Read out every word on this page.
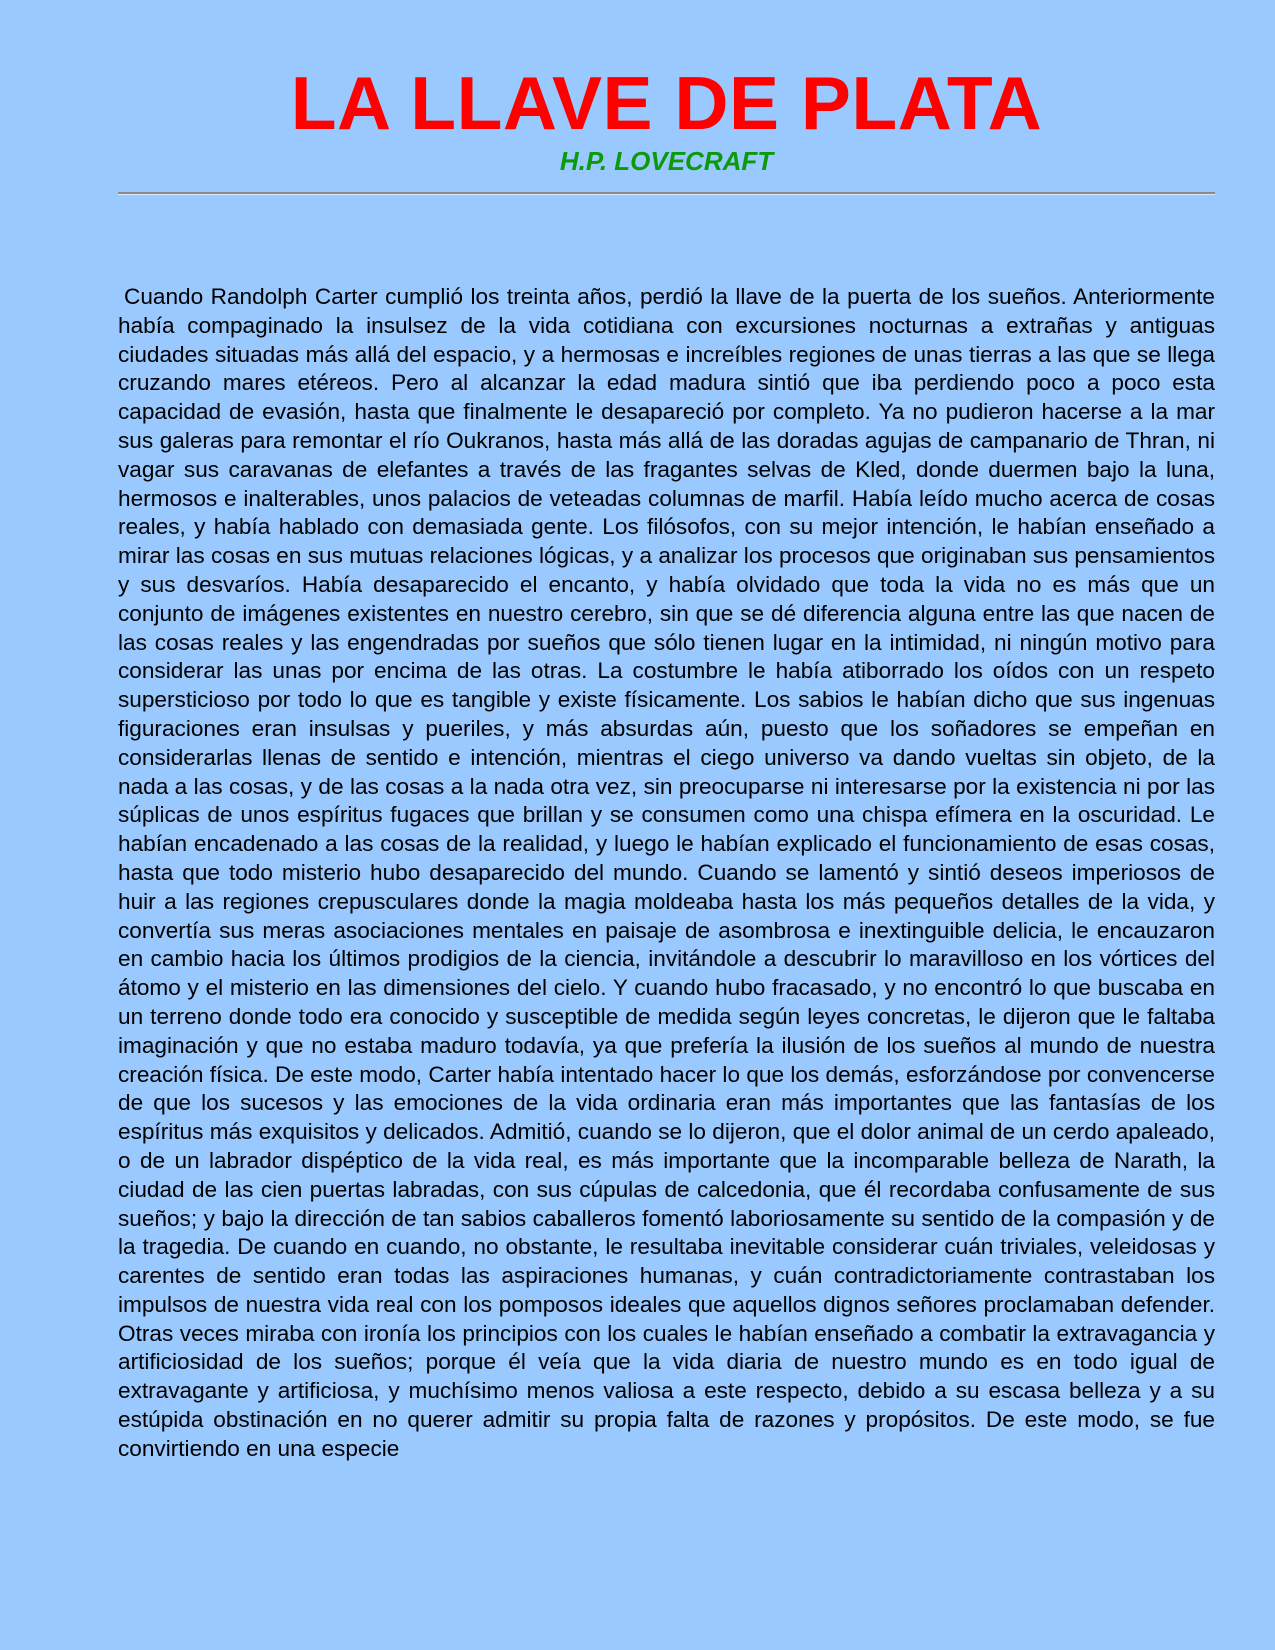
LA LLAVE DE PLATA
H.P. LOVECRAFT

Cuando Randolph Carter cumplió los treinta años, perdió la llave de la puerta de los sueños. Anteriormente había compaginado la insulsez de la vida cotidiana con excursiones nocturnas a extrañas y antiguas ciudades situadas más allá del espacio, y a hermosas e increíbles regiones de unas tierras a las que se llega cruzando mares etéreos. Pero al alcanzar la edad madura sintió que iba perdiendo poco a poco esta capacidad de evasión, hasta que finalmente le desapareció por completo. Ya no pudieron hacerse a la mar sus galeras para remontar el río Oukranos, hasta más allá de las doradas agujas de campanario de Thran, ni vagar sus caravanas de elefantes a través de las fragantes selvas de Kled, donde duermen bajo la luna, hermosos e inalterables, unos palacios de veteadas columnas de marfil. Había leído mucho acerca de cosas reales, y había hablado con demasiada gente. Los filósofos, con su mejor intención, le habían enseñado a mirar las cosas en sus mutuas relaciones lógicas, y a analizar los procesos que originaban sus pensamientos y sus desvaríos. Había desaparecido el encanto, y había olvidado que toda la vida no es más que un conjunto de imágenes existentes en nuestro cerebro, sin que se dé diferencia alguna entre las que nacen de las cosas reales y las engendradas por sueños que sólo tienen lugar en la intimidad, ni ningún motivo para considerar las unas por encima de las otras. La costumbre le había atiborrado los oídos con un respeto supersticioso por todo lo que es tangible y existe físicamente. Los sabios le habían dicho que sus ingenuas figuraciones eran insulsas y pueriles, y más absurdas aún, puesto que los soñadores se empeñan en considerarlas llenas de sentido e intención, mientras el ciego universo va dando vueltas sin objeto, de la nada a las cosas, y de las cosas a la nada otra vez, sin preocuparse ni interesarse por la existencia ni por las súplicas de unos espíritus fugaces que brillan y se consumen como una chispa efímera en la oscuridad. Le habían encadenado a las cosas de la realidad, y luego le habían explicado el funcionamiento de esas cosas, hasta que todo misterio hubo desaparecido del mundo. Cuando se lamentó y sintió deseos imperiosos de huir a las regiones crepusculares donde la magia moldeaba hasta los más pequeños detalles de la vida, y convertía sus meras asociaciones mentales en paisaje de asombrosa e inextinguible delicia, le encauzaron en cambio hacia los últimos prodigios de la ciencia, invitándole a descubrir lo maravilloso en los vórtices del átomo y el misterio en las dimensiones del cielo. Y cuando hubo fracasado, y no encontró lo que buscaba en un terreno donde todo era conocido y susceptible de medida según leyes concretas, le dijeron que le faltaba imaginación y que no estaba maduro todavía, ya que prefería la ilusión de los sueños al mundo de nuestra creación física. De este modo, Carter había intentado hacer lo que los demás, esforzándose por convencerse de que los sucesos y las emociones de la vida ordinaria eran más importantes que las fantasías de los espíritus más exquisitos y delicados. Admitió, cuando se lo dijeron, que el dolor animal de un cerdo apaleado, o de un labrador dispéptico de la vida real, es más importante que la incomparable belleza de Narath, la ciudad de las cien puertas labradas, con sus cúpulas de calcedonia, que él recordaba confusamente de sus sueños; y bajo la dirección de tan sabios caballeros fomentó laboriosamente su sentido de la compasión y de la tragedia. De cuando en cuando, no obstante, le resultaba inevitable considerar cuán triviales, veleidosas y carentes de sentido eran todas las aspiraciones humanas, y cuán contradictoriamente contrastaban los impulsos de nuestra vida real con los pomposos ideales que aquellos dignos señores proclamaban defender. Otras veces miraba con ironía los principios con los cuales le habían enseñado a combatir la extravagancia y artificiosidad de los sueños; porque él veía que la vida diaria de nuestro mundo es en todo igual de extravagante y artificiosa, y muchísimo menos valiosa a este respecto, debido a su escasa belleza y a su estúpida obstinación en no querer admitir su propia falta de razones y propósitos. De este modo, se fue convirtiendo en una especie
